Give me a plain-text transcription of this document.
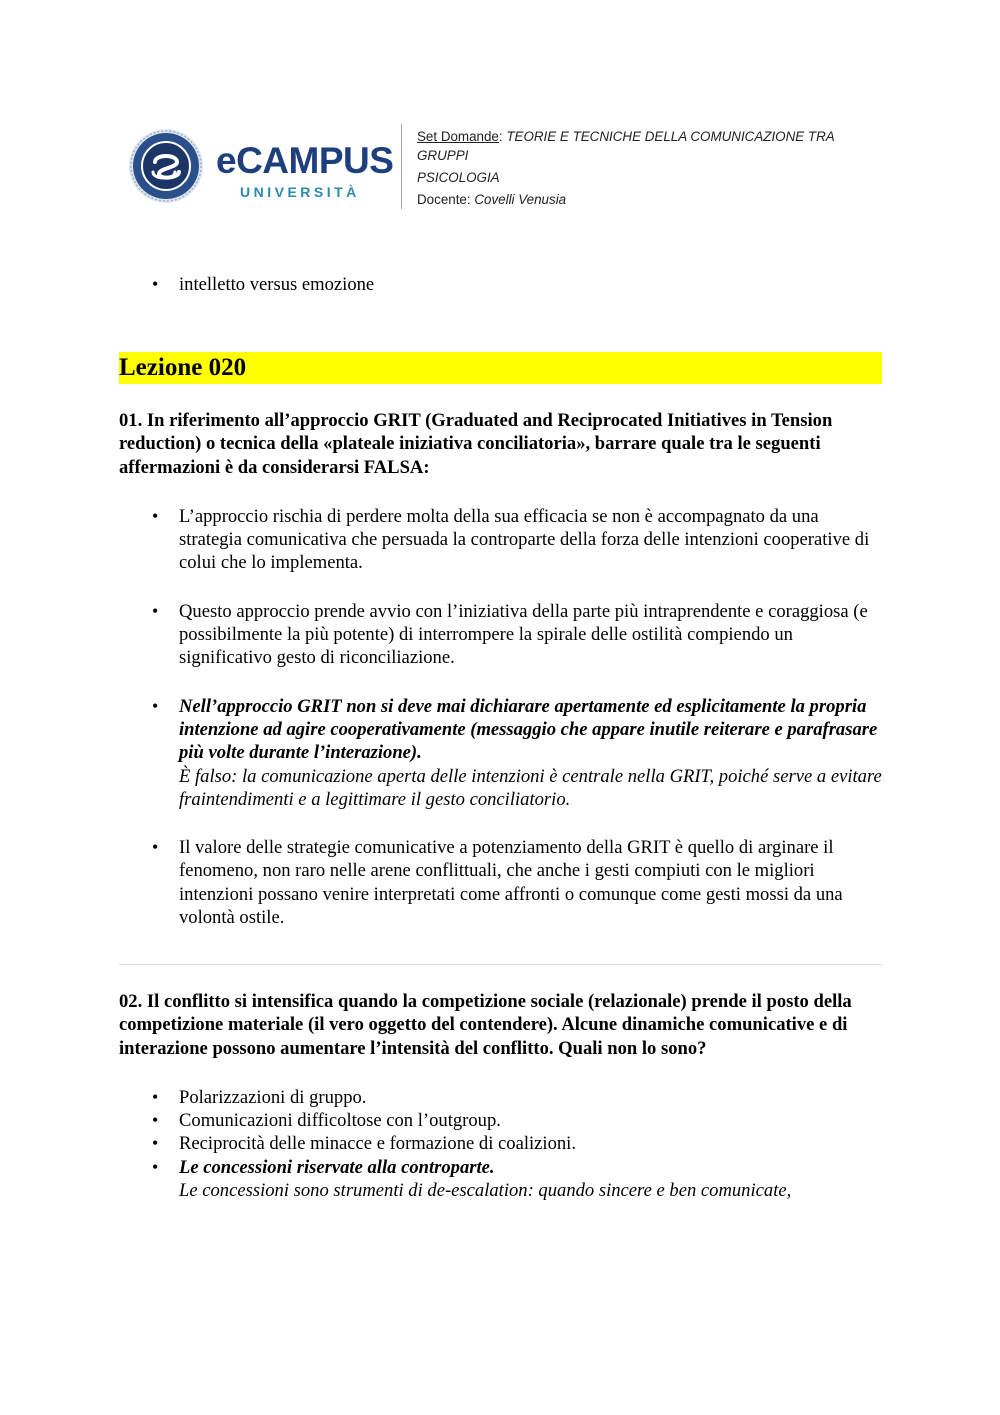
eCAMPUS
UNIVERSITÀ
Set Domande: TEORIE E TECNICHE DELLA COMUNICAZIONE TRA GRUPPI
PSICOLOGIA
Docente: Covelli Venusia
• intelletto versus emozione
Lezione 020
01. In riferimento all’approccio GRIT (Graduated and Reciprocated Initiatives in Tension reduction) o tecnica della «plateale iniziativa conciliatoria», barrare quale tra le seguenti affermazioni è da considerarsi FALSA:
• L’approccio rischia di perdere molta della sua efficacia se non è accompagnato da una strategia comunicativa che persuada la controparte della forza delle intenzioni cooperative di colui che lo implementa.
• Questo approccio prende avvio con l’iniziativa della parte più intraprendente e coraggiosa (e possibilmente la più potente) di interrompere la spirale delle ostilità compiendo un significativo gesto di riconciliazione.
• Nell’approccio GRIT non si deve mai dichiarare apertamente ed esplicitamente la propria intenzione ad agire cooperativamente (messaggio che appare inutile reiterare e parafrasare più volte durante l’interazione).
È falso: la comunicazione aperta delle intenzioni è centrale nella GRIT, poiché serve a evitare fraintendimenti e a legittimare il gesto conciliatorio.
• Il valore delle strategie comunicative a potenziamento della GRIT è quello di arginare il fenomeno, non raro nelle arene conflittuali, che anche i gesti compiuti con le migliori intenzioni possano venire interpretati come affronti o comunque come gesti mossi da una volontà ostile.
02. Il conflitto si intensifica quando la competizione sociale (relazionale) prende il posto della competizione materiale (il vero oggetto del contendere). Alcune dinamiche comunicative e di interazione possono aumentare l’intensità del conflitto. Quali non lo sono?
• Polarizzazioni di gruppo.
• Comunicazioni difficoltose con l’outgroup.
• Reciprocità delle minacce e formazione di coalizioni.
• Le concessioni riservate alla controparte.
Le concessioni sono strumenti di de-escalation: quando sincere e ben comunicate,
